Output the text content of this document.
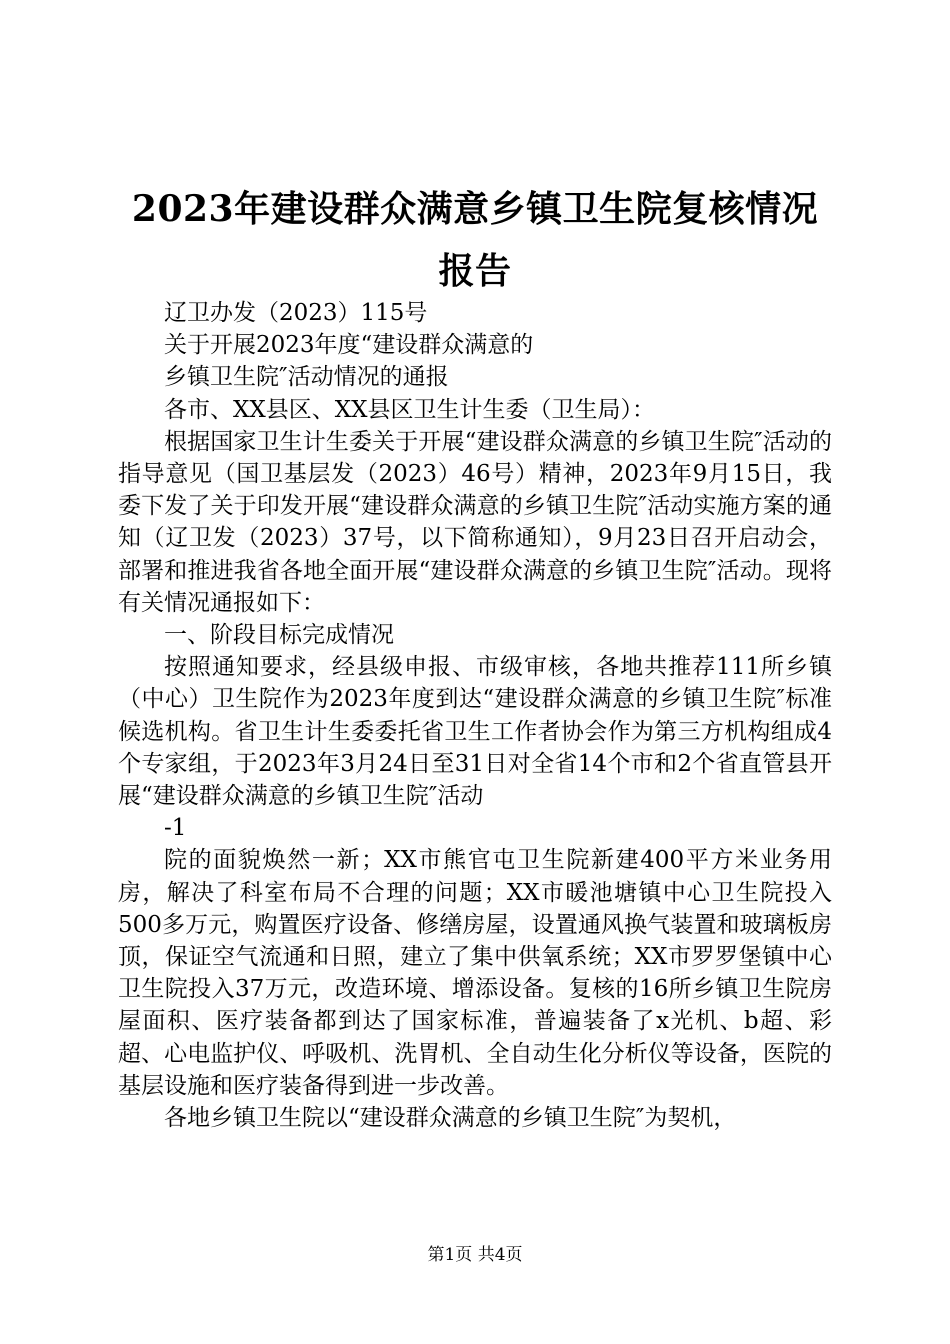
2023年建设群众满意乡镇卫生院复核情况报告

辽卫办发（2023）115号

关于开展2023年度“建设群众满意的

乡镇卫生院″活动情况的通报

各市、XX县区、XX县区卫生计生委（卫生局）：

根据国家卫生计生委关于开展“建设群众满意的乡镇卫生院″活动的指导意见（国卫基层发（2023）46号）精神，2023年9月15日，我委下发了关于印发开展“建设群众满意的乡镇卫生院″活动实施方案的通知（辽卫发（2023）37号，以下简称通知），9月23日召开启动会，部署和推进我省各地全面开展“建设群众满意的乡镇卫生院″活动。现将有关情况通报如下：

一、阶段目标完成情况

按照通知要求，经县级申报、市级审核，各地共推荐111所乡镇（中心）卫生院作为2023年度到达“建设群众满意的乡镇卫生院″标准候选机构。省卫生计生委委托省卫生工作者协会作为第三方机构组成4个专家组，于2023年3月24日至31日对全省14个市和2个省直管县开展“建设群众满意的乡镇卫生院″活动

-1

院的面貌焕然一新；XX市熊官屯卫生院新建400平方米业务用房，解决了科室布局不合理的问题；XX市暖池塘镇中心卫生院投入500多万元，购置医疗设备、修缮房屋，设置通风换气装置和玻璃板房顶，保证空气流通和日照，建立了集中供氧系统；XX市罗罗堡镇中心卫生院投入37万元，改造环境、增添设备。复核的16所乡镇卫生院房屋面积、医疗装备都到达了国家标准，普遍装备了x光机、b超、彩超、心电监护仪、呼吸机、洗胃机、全自动生化分析仪等设备，医院的基层设施和医疗装备得到进一步改善。

各地乡镇卫生院以“建设群众满意的乡镇卫生院″为契机，

第1页 共4页
